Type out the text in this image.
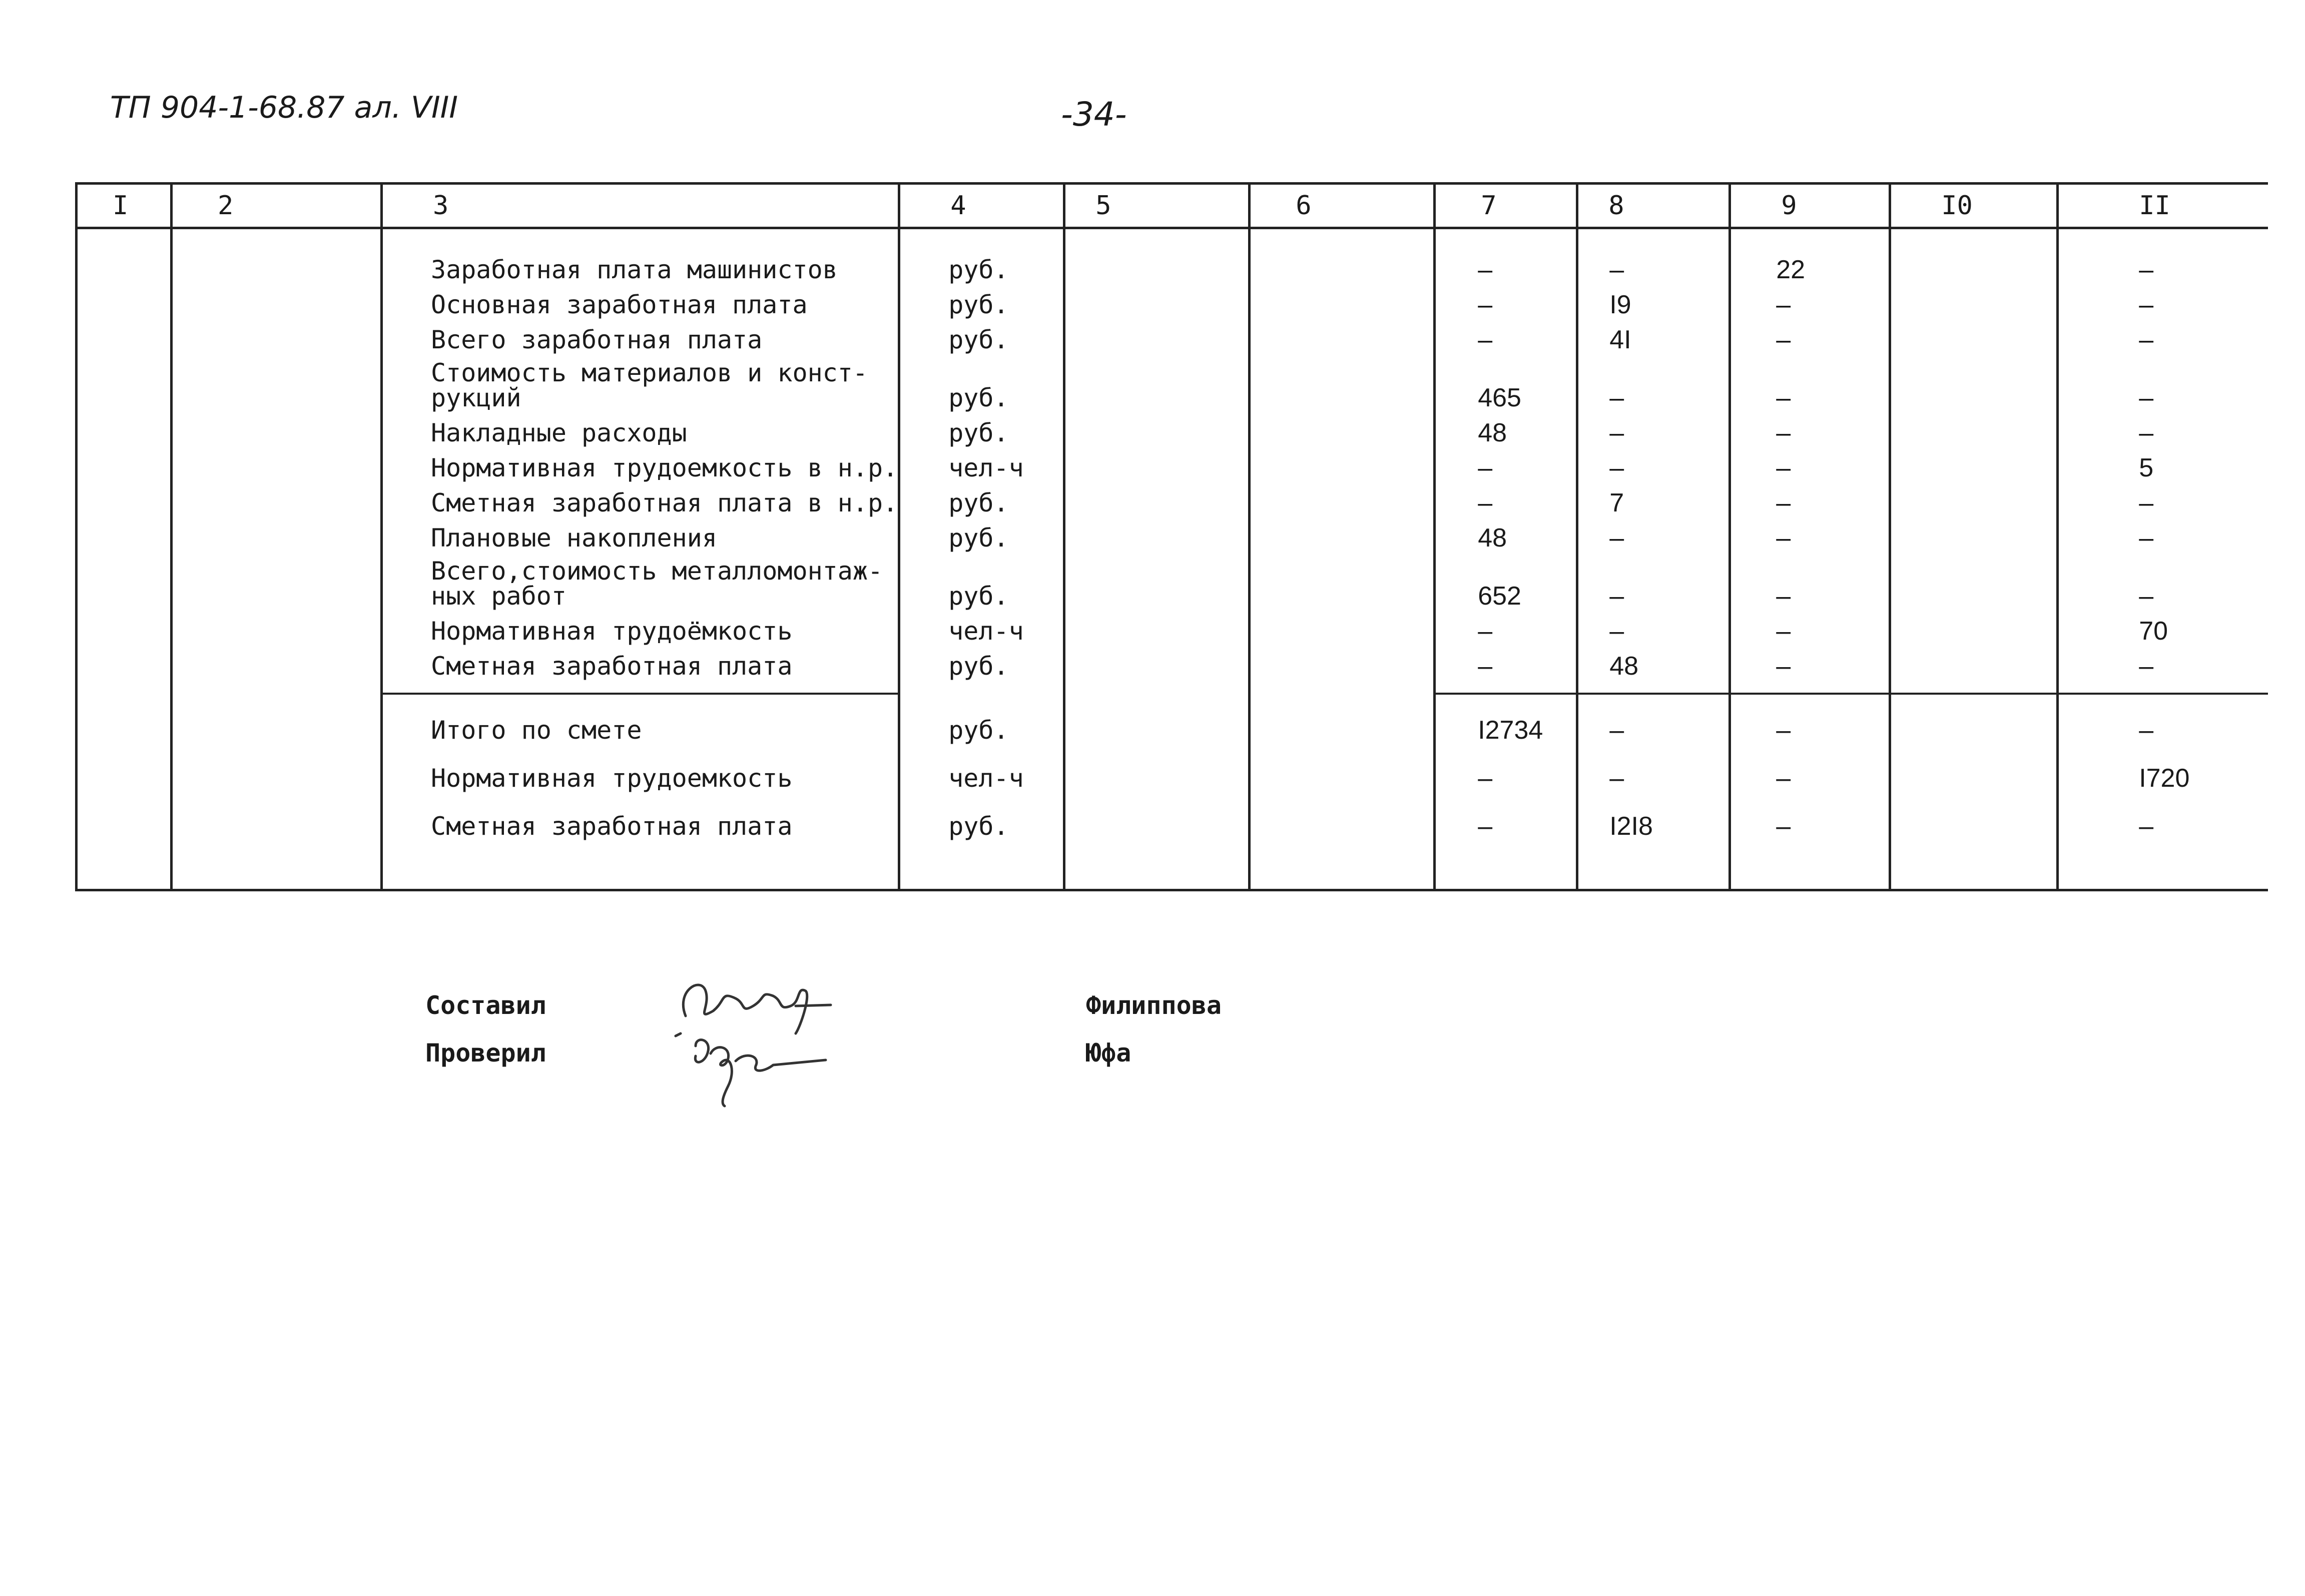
ТП 904-1-68.87 ал. VIII	-34-
I	2	3	4	5	6	7	8	9	I0	II

		Заработная плата машинистов	руб.			–	–	22		–
		Основная заработная плата	руб.			–	I9	–		–
		Всего заработная плата	руб.			–	4I	–		–
		Стоимость материалов и конст-
рукций	руб.			465	–	–		–
		Накладные расходы	руб.			48	–	–		–
		Нормативная трудоемкость в н.р.	чел-ч			–	–	–		5
		Сметная заработная плата в н.р.	руб.			–	7	–		–
		Плановые накопления	руб.			48	–	–		–
		Всего,стоимость металломонтаж-
ных работ	руб.			652	–	–		–
		Нормативная трудоёмкость	чел-ч			–	–	–		70
		Сметная заработная плата	руб.			–	48	–		–

		Итого по смете	руб.			I2734	–	–		–
		Нормативная трудоемкость	чел-ч			–	–	–		I720
		Сметная заработная плата	руб.			–	I2I8	–		–

Составил
Проверил
Филиппова
Юфа
